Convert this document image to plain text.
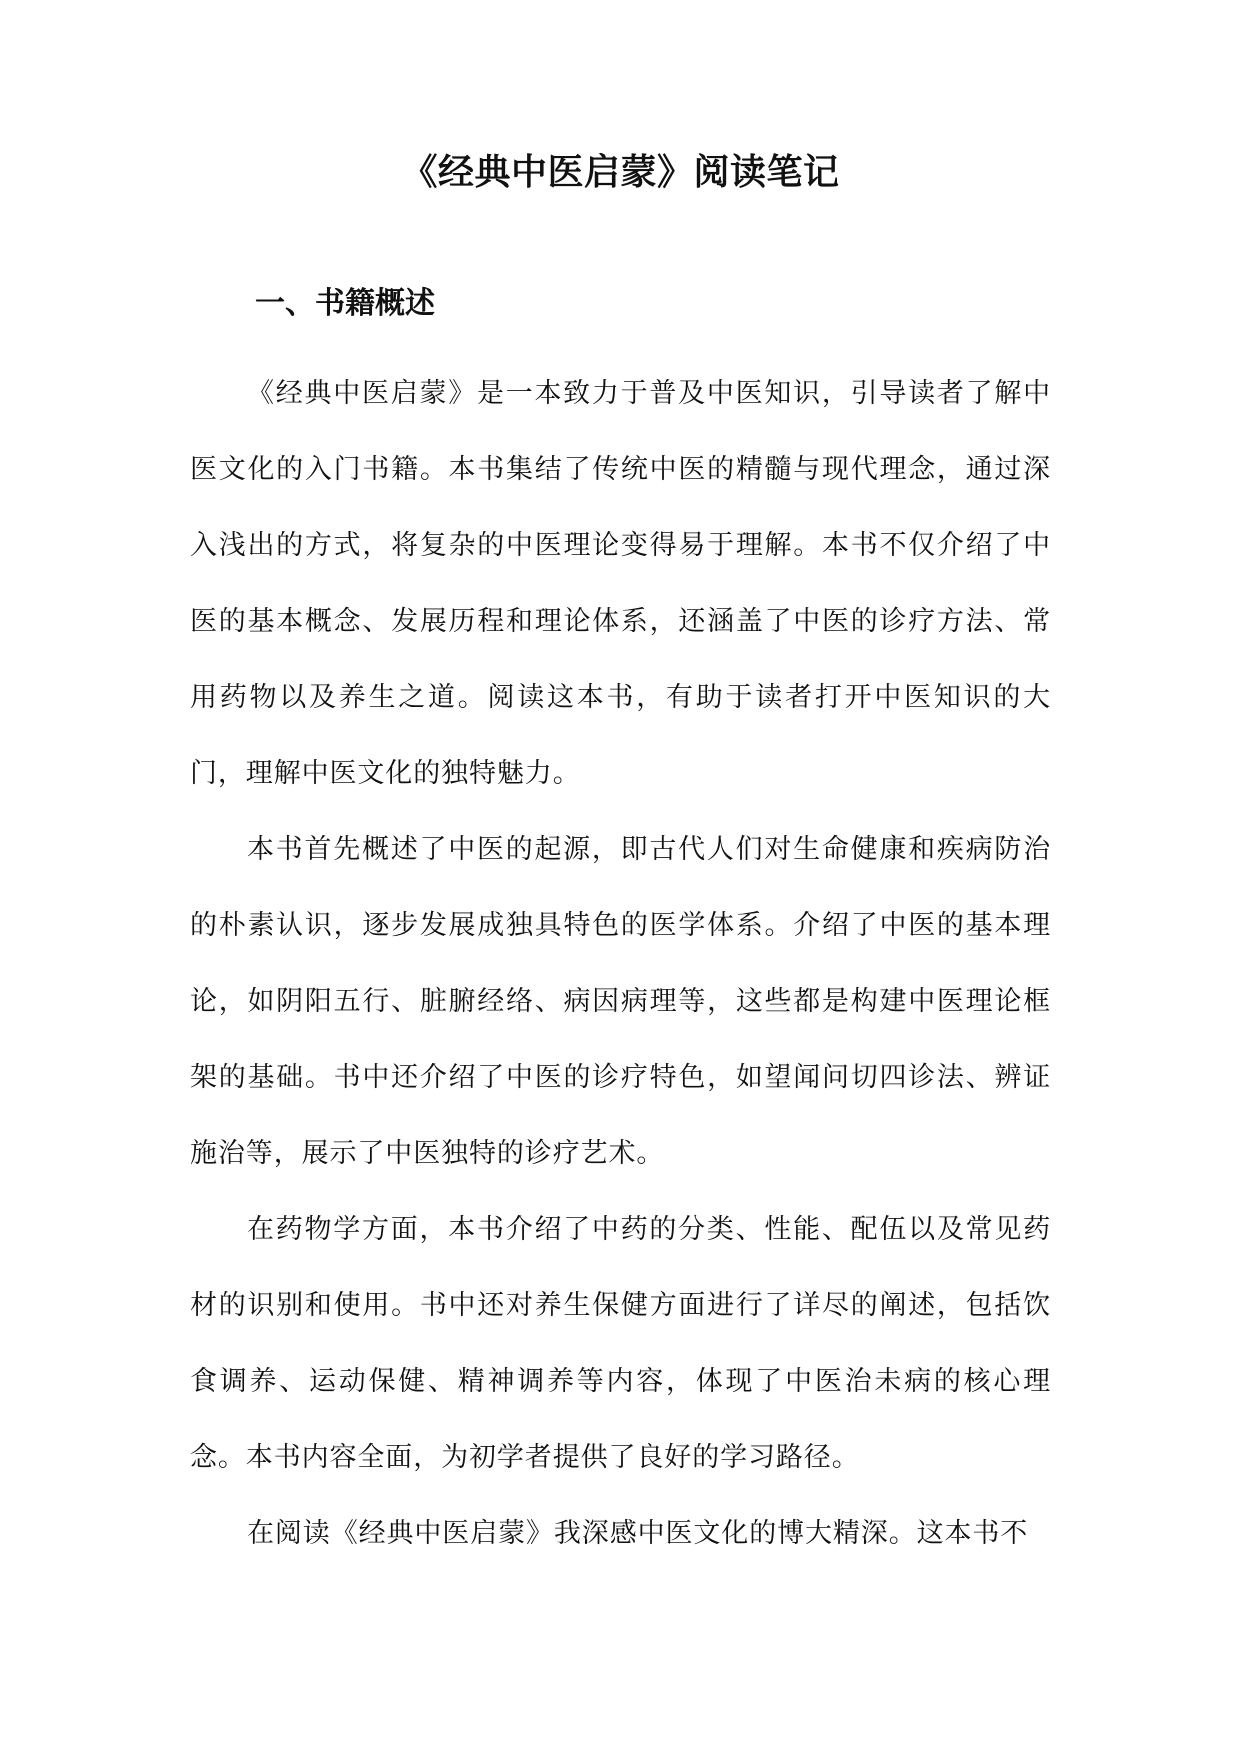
《经典中医启蒙》阅读笔记
一、书籍概述

《经典中医启蒙》是一本致力于普及中医知识，引导读者了解中医文化的入门书籍。本书集结了传统中医的精髓与现代理念，通过深入浅出的方式，将复杂的中医理论变得易于理解。本书不仅介绍了中医的基本概念、发展历程和理论体系，还涵盖了中医的诊疗方法、常用药物以及养生之道。阅读这本书，有助于读者打开中医知识的大门，理解中医文化的独特魅力。

本书首先概述了中医的起源，即古代人们对生命健康和疾病防治的朴素认识，逐步发展成独具特色的医学体系。介绍了中医的基本理论，如阴阳五行、脏腑经络、病因病理等，这些都是构建中医理论框架的基础。书中还介绍了中医的诊疗特色，如望闻问切四诊法、辨证施治等，展示了中医独特的诊疗艺术。

在药物学方面，本书介绍了中药的分类、性能、配伍以及常见药材的识别和使用。书中还对养生保健方面进行了详尽的阐述，包括饮食调养、运动保健、精神调养等内容，体现了中医治未病的核心理念。本书内容全面，为初学者提供了良好的学习路径。

在阅读《经典中医启蒙》我深感中医文化的博大精深。这本书不
